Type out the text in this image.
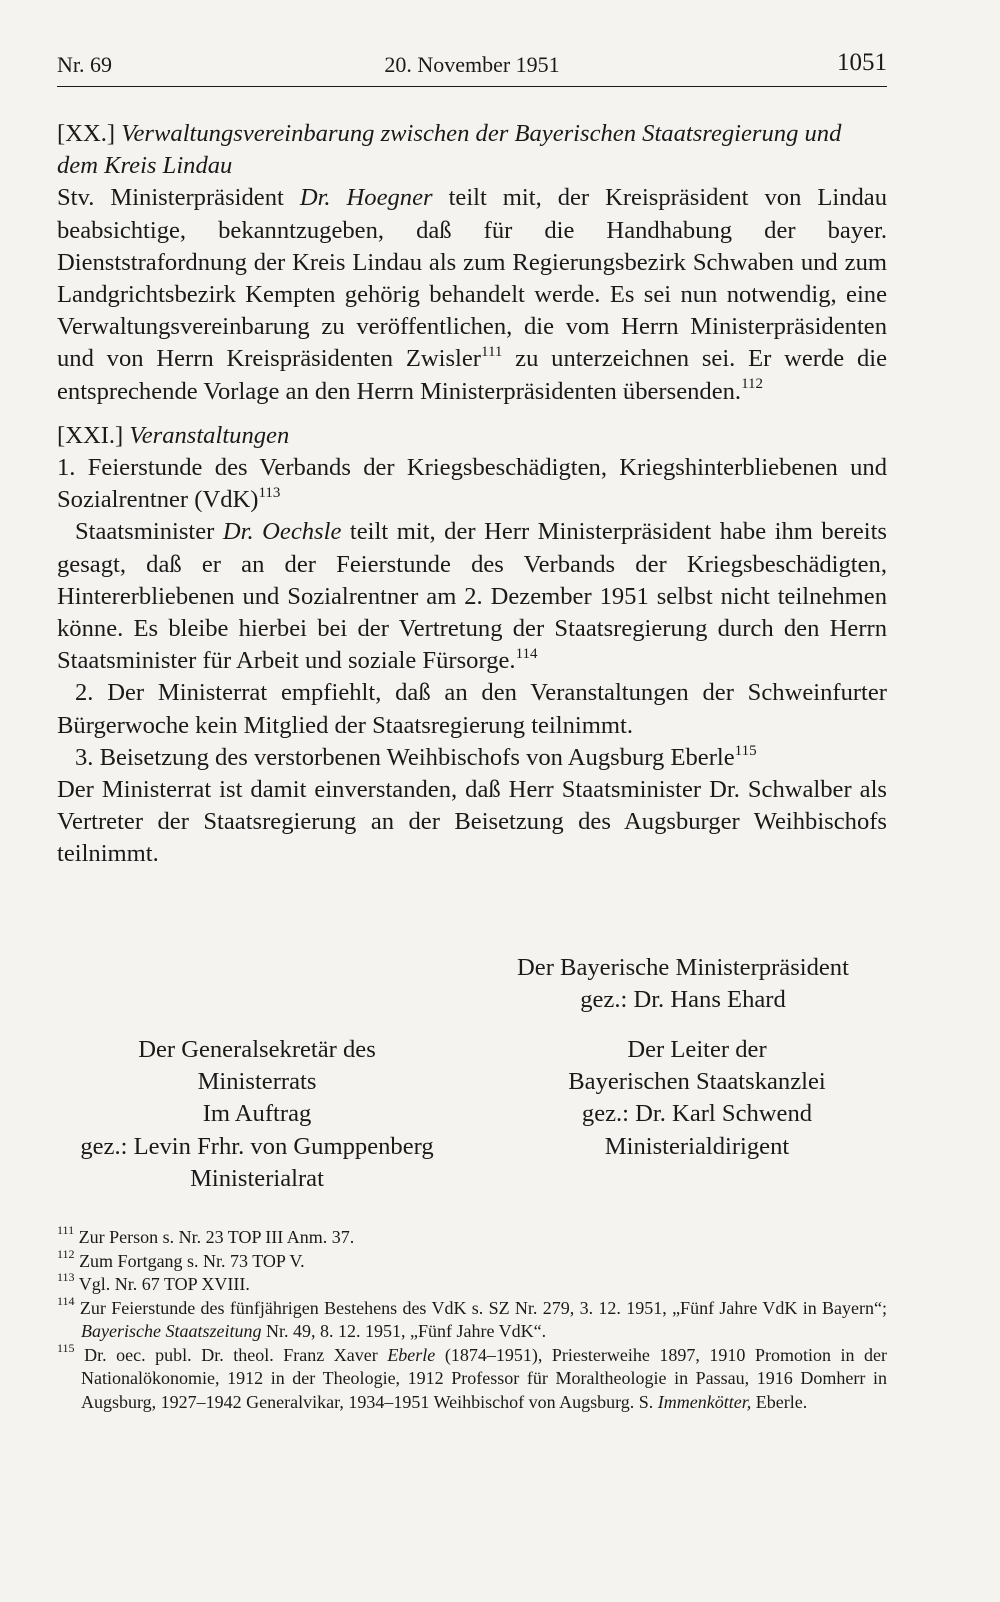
Nr. 69	20. November 1951	1051

[XX.] Verwaltungsvereinbarung zwischen der Bayerischen Staatsregierung und dem Kreis Lindau

Stv. Ministerpräsident Dr. Hoegner teilt mit, der Kreispräsident von Lindau beabsichtige, bekanntzugeben, daß für die Handhabung der bayer. Dienststrafordnung der Kreis Lindau als zum Regierungsbezirk Schwaben und zum Landgrichtsbezirk Kempten gehörig behandelt werde. Es sei nun notwendig, eine Verwaltungsvereinbarung zu veröffentlichen, die vom Herrn Ministerpräsidenten und von Herrn Kreispräsidenten Zwisler$^{111}$ zu unterzeichnen sei. Er werde die entsprechende Vorlage an den Herrn Ministerpräsidenten übersenden.$^{112}$

[XXI.] Veranstaltungen

1. Feierstunde des Verbands der Kriegsbeschädigten, Kriegshinterbliebenen und Sozialrentner (VdK)$^{113}$

Staatsminister Dr. Oechsle teilt mit, der Herr Ministerpräsident habe ihm bereits gesagt, daß er an der Feierstunde des Verbands der Kriegsbeschädigten, Hintererbliebenen und Sozialrentner am 2. Dezember 1951 selbst nicht teilnehmen könne. Es bleibe hierbei bei der Vertretung der Staatsregierung durch den Herrn Staatsminister für Arbeit und soziale Fürsorge.$^{114}$

2. Der Ministerrat empfiehlt, daß an den Veranstaltungen der Schweinfurter Bürgerwoche kein Mitglied der Staatsregierung teilnimmt.

3. Beisetzung des verstorbenen Weihbischofs von Augsburg Eberle$^{115}$

Der Ministerrat ist damit einverstanden, daß Herr Staatsminister Dr. Schwalber als Vertreter der Staatsregierung an der Beisetzung des Augsburger Weihbischofs teilnimmt.

Der Bayerische Ministerpräsident
gez.: Dr. Hans Ehard
Der Generalsekretär des
Ministerrats
Im Auftrag
gez.: Levin Frhr. von Gumppenberg
Ministerialrat
Der Leiter der
Bayerischen Staatskanzlei
gez.: Dr. Karl Schwend
Ministerialdirigent

$^{111}$ Zur Person s. Nr. 23 TOP III Anm. 37.

$^{112}$ Zum Fortgang s. Nr. 73 TOP V.

$^{113}$ Vgl. Nr. 67 TOP XVIII.

$^{114}$ Zur Feierstunde des fünfjährigen Bestehens des VdK s. SZ Nr. 279, 3. 12. 1951, „Fünf Jahre VdK in Bayern“; Bayerische Staatszeitung Nr. 49, 8. 12. 1951, „Fünf Jahre VdK“.

$^{115}$ Dr. oec. publ. Dr. theol. Franz Xaver Eberle (1874–1951), Priesterweihe 1897, 1910 Promotion in der Nationalökonomie, 1912 in der Theologie, 1912 Professor für Moraltheologie in Passau, 1916 Domherr in Augsburg, 1927–1942 Generalvikar, 1934–1951 Weihbischof von Augsburg. S. Immenkötter, Eberle.
